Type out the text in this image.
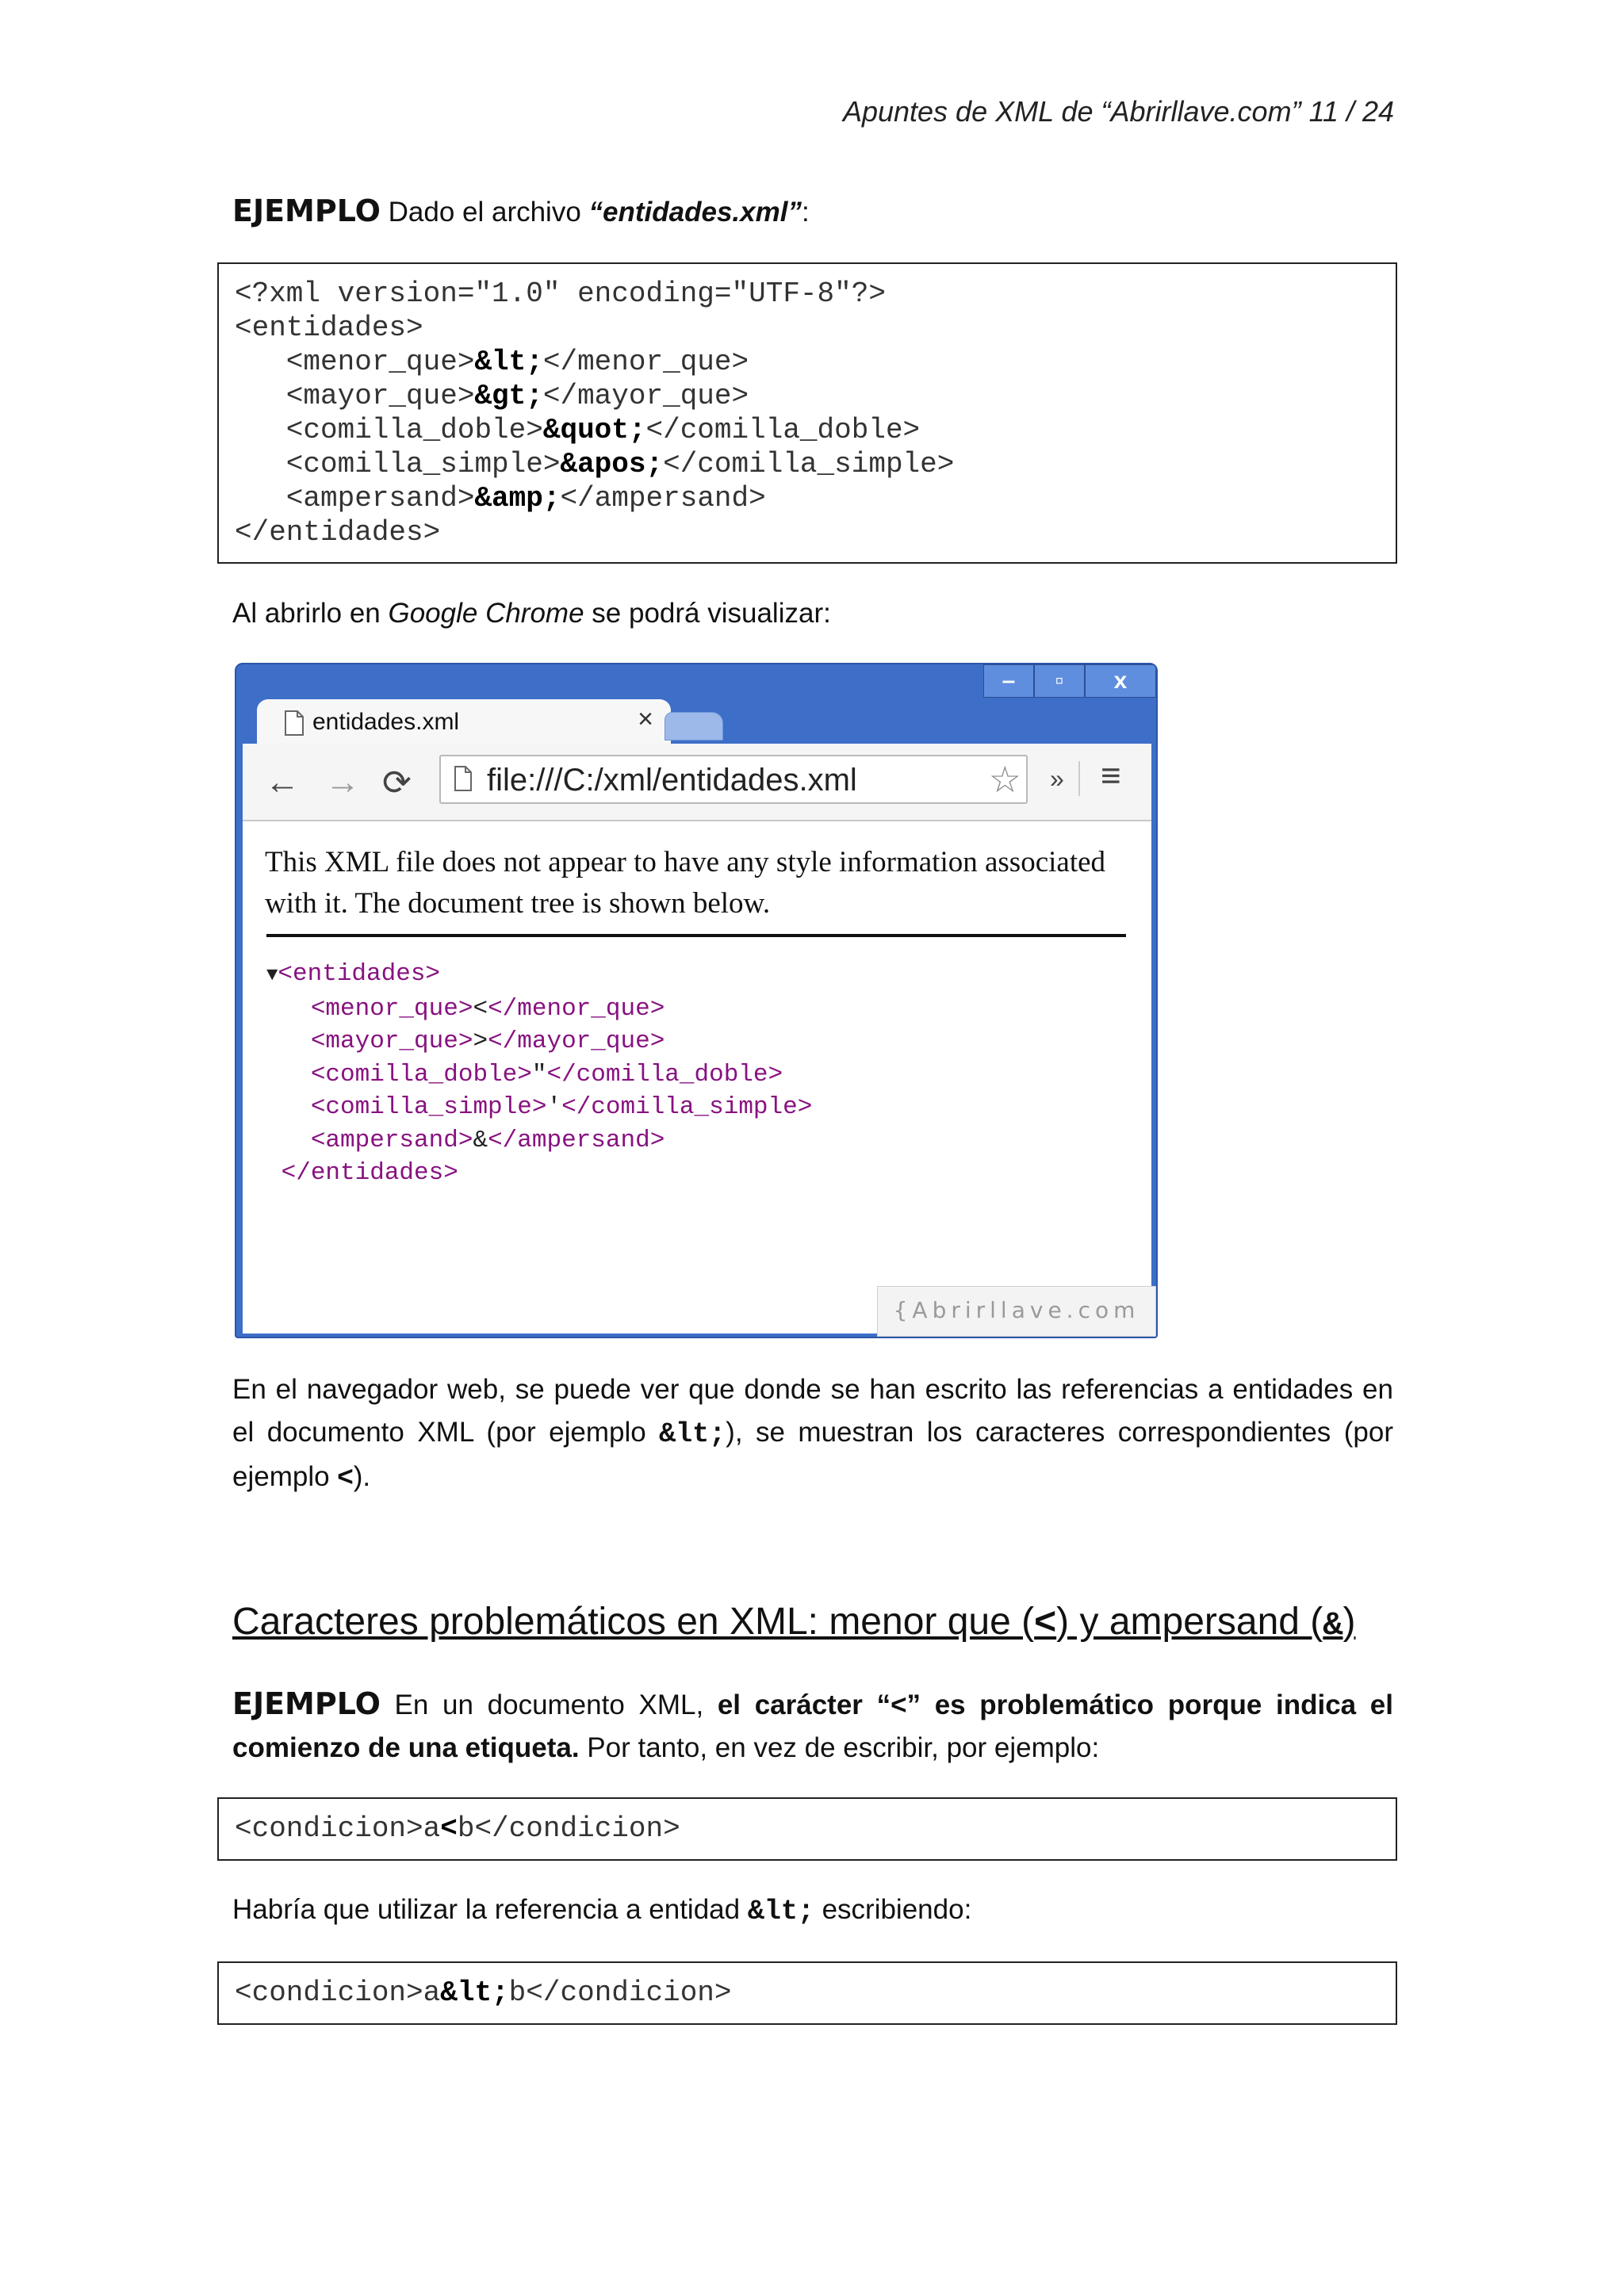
Apuntes de XML de “Abrirllave.com” 11 / 24
EJEMPLO Dado el archivo “entidades.xml”:
<?xml version="1.0" encoding="UTF-8"?>
<entidades>
<menor_que>&lt;</menor_que>
<mayor_que>&gt;</mayor_que>
<comilla_doble>&quot;</comilla_doble>
<comilla_simple>&apos;</comilla_simple>
<ampersand>&amp;</ampersand>
</entidades>
Al abrirlo en Google Chrome se podrá visualizar:
–	▫	x
entidades.xml	×
← → ⟳ file:///C:/xml/entidades.xml	☆ » ≡
This XML file does not appear to have any style information associated with it. The document tree is shown below.
▼<entidades>
<menor_que><</menor_que>
<mayor_que>></mayor_que>
<comilla_doble>"</comilla_doble>
<comilla_simple>'</comilla_simple>
<ampersand>&</ampersand>
</entidades>
{Abrirllave.com
En el navegador web, se puede ver que donde se han escrito las referencias a entidades en el documento XML (por ejemplo &lt;), se muestran los caracteres correspondientes (por ejemplo <).
Caracteres problemáticos en XML: menor que (<) y ampersand (&)
EJEMPLO En un documento XML, el carácter “<” es problemático porque indica el comienzo de una etiqueta. Por tanto, en vez de escribir, por ejemplo:
<condicion>a<b</condicion>
Habría que utilizar la referencia a entidad &lt; escribiendo:
<condicion>a&lt;b</condicion>
